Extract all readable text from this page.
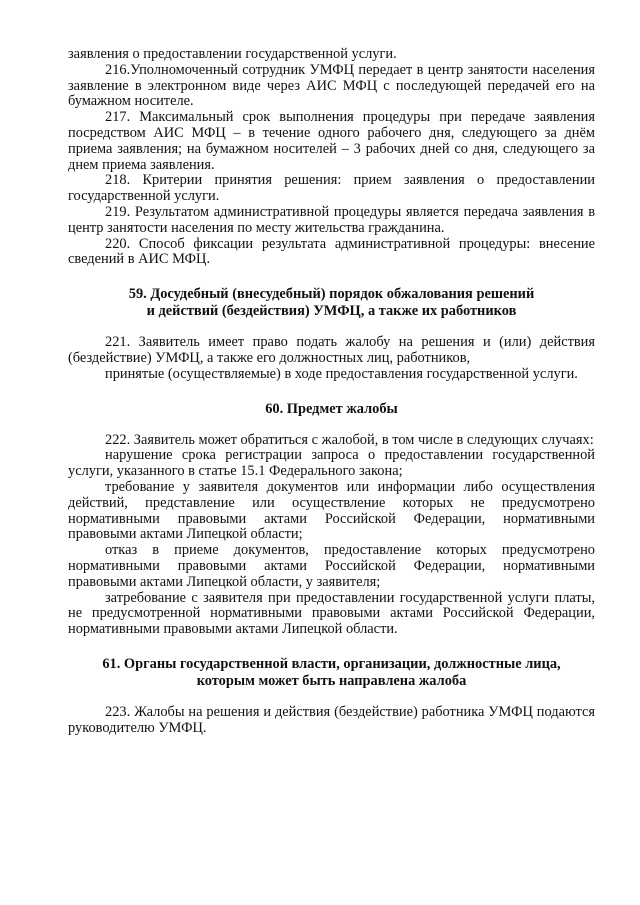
заявления о предоставлении государственной услуги.

216.Уполномоченный сотрудник УМФЦ передает в центр занятости населения заявление в электронном виде через АИС МФЦ с последующей передачей его на бумажном носителе.

217. Максимальный срок выполнения процедуры при передаче заявления посредством АИС МФЦ – в течение одного рабочего дня, следующего за днём приема заявления; на бумажном носителей – 3 рабочих дней со дня, следующего за днем приема заявления.

218. Критерии принятия решения: прием заявления о предоставлении государственной услуги.

219. Результатом административной процедуры является передача заявления в центр занятости населения по месту жительства гражданина.

220. Способ фиксации результата административной процедуры: внесение сведений в АИС МФЦ.

59. Досудебный (внесудебный) порядок обжалования решений

и действий (бездействия) УМФЦ, а также их работников

221. Заявитель имеет право подать жалобу на решения и (или) действия (бездействие) УМФЦ, а также его должностных лиц, работников,

принятые (осуществляемые) в ходе предоставления государственной услуги.

60. Предмет жалобы

222. Заявитель может обратиться с жалобой, в том числе в следующих случаях:

нарушение срока регистрации запроса о предоставлении государственной услуги, указанного в статье 15.1 Федерального закона;

требование у заявителя документов или информации либо осуществления действий, представление или осуществление которых не предусмотрено нормативными правовыми актами Российской Федерации, нормативными правовыми актами Липецкой области;

отказ в приеме документов, предоставление которых предусмотрено нормативными правовыми актами Российской Федерации, нормативными правовыми актами Липецкой области, у заявителя;

затребование с заявителя при предоставлении государственной услуги платы, не предусмотренной нормативными правовыми актами Российской Федерации, нормативными правовыми актами Липецкой области.

61. Органы государственной власти, организации, должностные лица,

которым может быть направлена жалоба

223. Жалобы на решения и действия (бездействие) работника УМФЦ подаются руководителю УМФЦ.
